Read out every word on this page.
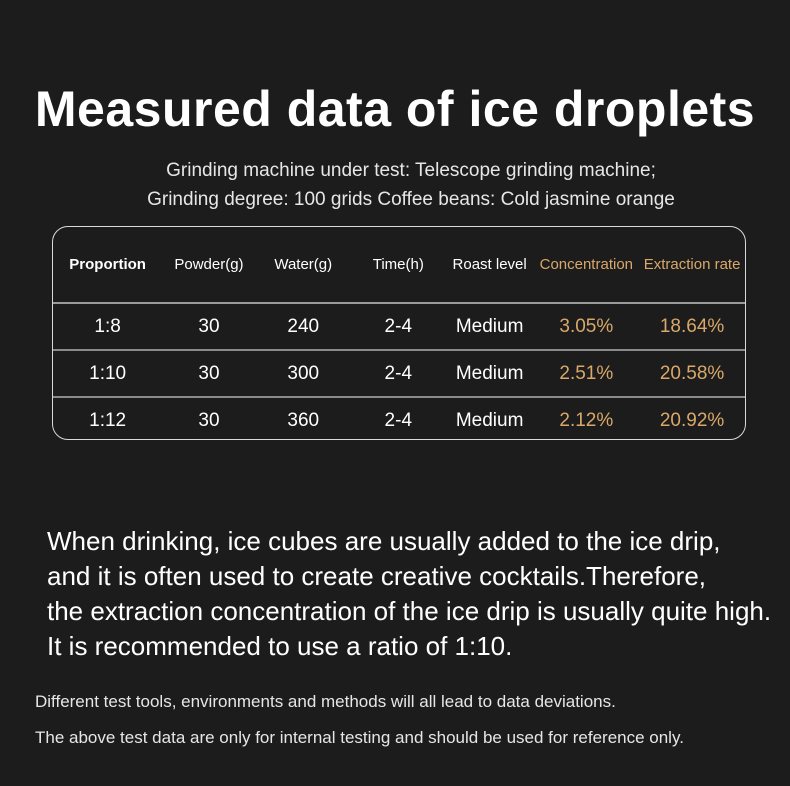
Measured data of ice droplets
Grinding machine under test: Telescope grinding machine;
Grinding degree: 100 grids Coffee beans: Cold jasmine orange
Proportion	Powder(g)	Water(g)	Time(h)	Roast level	Concentration	Extraction rate
1:8	30	240	2-4	Medium	3.05%	18.64%
1:10	30	300	2-4	Medium	2.51%	20.58%
1:12	30	360	2-4	Medium	2.12%	20.92%
When drinking, ice cubes are usually added to the ice drip,
and it is often used to create creative cocktails.Therefore,
the extraction concentration of the ice drip is usually quite high.
It is recommended to use a ratio of 1:10.
Different test tools, environments and methods will all lead to data deviations.
The above test data are only for internal testing and should be used for reference only.
